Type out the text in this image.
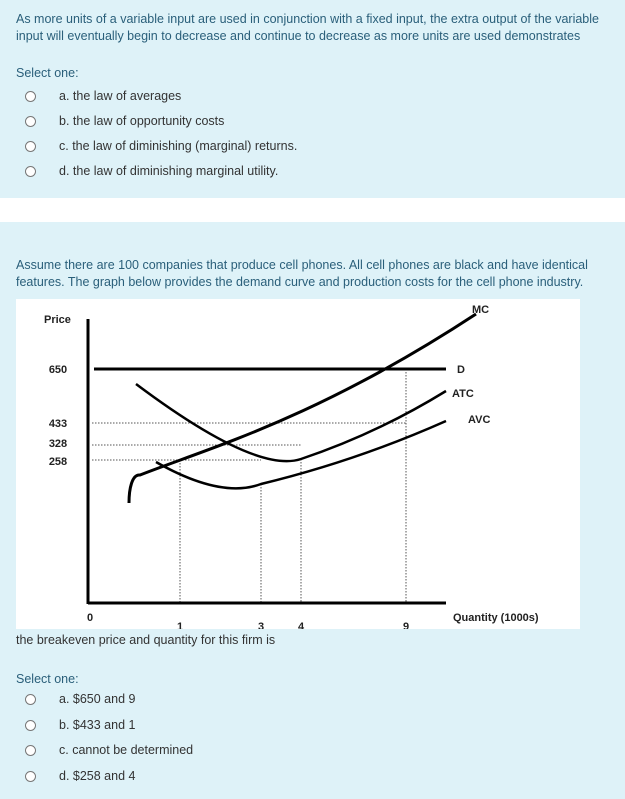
As more units of a variable input are used in conjunction with a fixed input, the extra output of the variable input will eventually begin to decrease and continue to decrease as more units are used demonstrates
Select one:
a. the law of averages
b. the law of opportunity costs
c. the law of diminishing (marginal) returns.
d. the law of diminishing marginal utility.
Assume there are 100 companies that produce cell phones. All cell phones are black and have identical features. The graph below provides the demand curve and production costs for the cell phone industry.
Price
650
433
328
258
0
1	3	4	9
MC
D
ATC
AVC
Quantity (1000s)
the breakeven price and quantity for this firm is
Select one:
a. $650 and 9
b. $433 and 1
c. cannot be determined
d. $258 and 4
